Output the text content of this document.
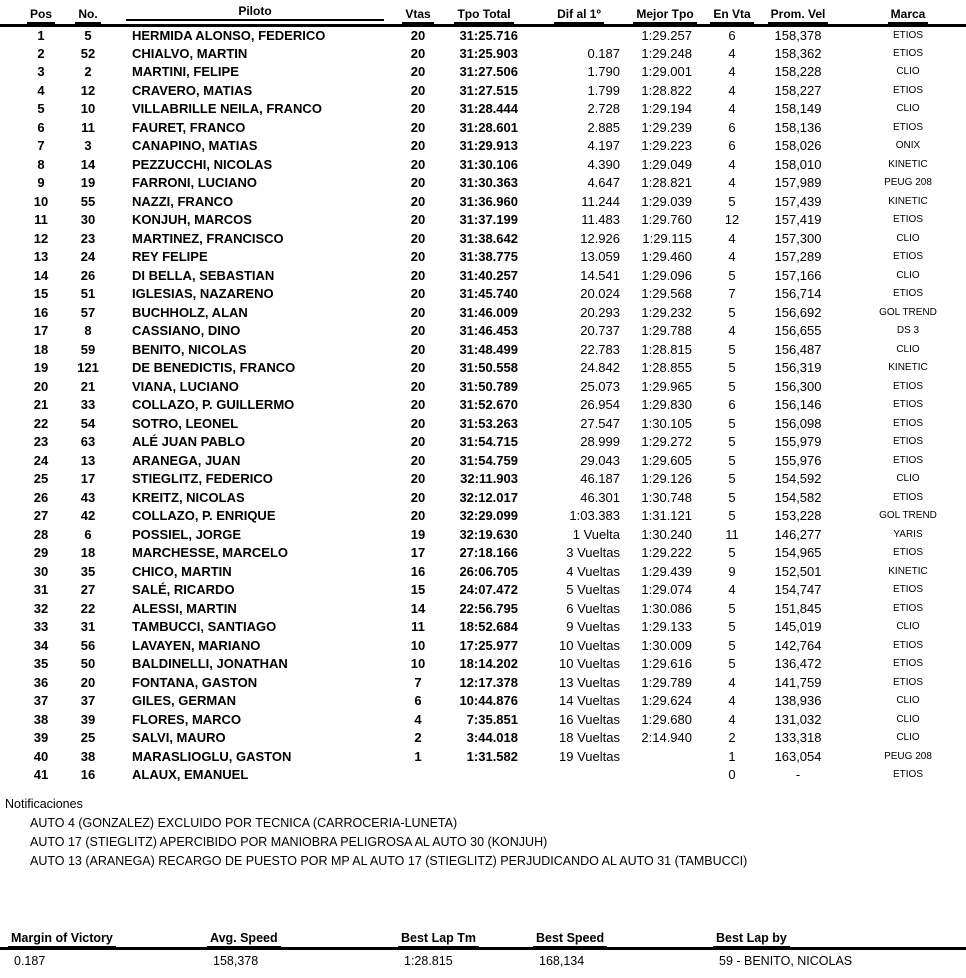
Pos	No.	Piloto	Vtas	Tpo Total	Dif al 1º	Mejor Tpo	En Vta	Prom. Vel	Marca
1	5	HERMIDA ALONSO, FEDERICO	20	31:25.716		1:29.257	6	158,378	ETIOS
2	52	CHIALVO, MARTIN	20	31:25.903	0.187	1:29.248	4	158,362	ETIOS
3	2	MARTINI, FELIPE	20	31:27.506	1.790	1:29.001	4	158,228	CLIO
4	12	CRAVERO, MATIAS	20	31:27.515	1.799	1:28.822	4	158,227	ETIOS
5	10	VILLABRILLE NEILA, FRANCO	20	31:28.444	2.728	1:29.194	4	158,149	CLIO
6	11	FAURET, FRANCO	20	31:28.601	2.885	1:29.239	6	158,136	ETIOS
7	3	CANAPINO, MATIAS	20	31:29.913	4.197	1:29.223	6	158,026	ONIX
8	14	PEZZUCCHI, NICOLAS	20	31:30.106	4.390	1:29.049	4	158,010	KINETIC
9	19	FARRONI, LUCIANO	20	31:30.363	4.647	1:28.821	4	157,989	PEUG 208
10	55	NAZZI, FRANCO	20	31:36.960	11.244	1:29.039	5	157,439	KINETIC
11	30	KONJUH, MARCOS	20	31:37.199	11.483	1:29.760	12	157,419	ETIOS
12	23	MARTINEZ, FRANCISCO	20	31:38.642	12.926	1:29.115	4	157,300	CLIO
13	24	REY FELIPE	20	31:38.775	13.059	1:29.460	4	157,289	ETIOS
14	26	DI BELLA, SEBASTIAN	20	31:40.257	14.541	1:29.096	5	157,166	CLIO
15	51	IGLESIAS, NAZARENO	20	31:45.740	20.024	1:29.568	7	156,714	ETIOS
16	57	BUCHHOLZ, ALAN	20	31:46.009	20.293	1:29.232	5	156,692	GOL TREND
17	8	CASSIANO, DINO	20	31:46.453	20.737	1:29.788	4	156,655	DS 3
18	59	BENITO, NICOLAS	20	31:48.499	22.783	1:28.815	5	156,487	CLIO
19	121	DE BENEDICTIS, FRANCO	20	31:50.558	24.842	1:28.855	5	156,319	KINETIC
20	21	VIANA, LUCIANO	20	31:50.789	25.073	1:29.965	5	156,300	ETIOS
21	33	COLLAZO, P. GUILLERMO	20	31:52.670	26.954	1:29.830	6	156,146	ETIOS
22	54	SOTRO, LEONEL	20	31:53.263	27.547	1:30.105	5	156,098	ETIOS
23	63	ALÉ JUAN PABLO	20	31:54.715	28.999	1:29.272	5	155,979	ETIOS
24	13	ARANEGA, JUAN	20	31:54.759	29.043	1:29.605	5	155,976	ETIOS
25	17	STIEGLITZ, FEDERICO	20	32:11.903	46.187	1:29.126	5	154,592	CLIO
26	43	KREITZ, NICOLAS	20	32:12.017	46.301	1:30.748	5	154,582	ETIOS
27	42	COLLAZO, P. ENRIQUE	20	32:29.099	1:03.383	1:31.121	5	153,228	GOL TREND
28	6	POSSIEL, JORGE	19	32:19.630	1 Vuelta	1:30.240	11	146,277	YARIS
29	18	MARCHESSE, MARCELO	17	27:18.166	3 Vueltas	1:29.222	5	154,965	ETIOS
30	35	CHICO, MARTIN	16	26:06.705	4 Vueltas	1:29.439	9	152,501	KINETIC
31	27	SALÉ, RICARDO	15	24:07.472	5 Vueltas	1:29.074	4	154,747	ETIOS
32	22	ALESSI, MARTIN	14	22:56.795	6 Vueltas	1:30.086	5	151,845	ETIOS
33	31	TAMBUCCI, SANTIAGO	11	18:52.684	9 Vueltas	1:29.133	5	145,019	CLIO
34	56	LAVAYEN, MARIANO	10	17:25.977	10 Vueltas	1:30.009	5	142,764	ETIOS
35	50	BALDINELLI, JONATHAN	10	18:14.202	10 Vueltas	1:29.616	5	136,472	ETIOS
36	20	FONTANA, GASTON	7	12:17.378	13 Vueltas	1:29.789	4	141,759	ETIOS
37	37	GILES, GERMAN	6	10:44.876	14 Vueltas	1:29.624	4	138,936	CLIO
38	39	FLORES, MARCO	4	7:35.851	16 Vueltas	1:29.680	4	131,032	CLIO
39	25	SALVI, MAURO	2	3:44.018	18 Vueltas	2:14.940	2	133,318	CLIO
40	38	MARASLIOGLU, GASTON	1	1:31.582	19 Vueltas		1	163,054	PEUG 208
41	16	ALAUX, EMANUEL					0	-	ETIOS
Notificaciones
AUTO 4 (GONZALEZ) EXCLUIDO POR TECNICA (CARROCERIA-LUNETA)
AUTO 17 (STIEGLITZ) APERCIBIDO POR MANIOBRA PELIGROSA AL AUTO 30 (KONJUH)
AUTO 13 (ARANEGA) RECARGO DE PUESTO POR MP AL AUTO 17 (STIEGLITZ) PERJUDICANDO AL AUTO 31 (TAMBUCCI)
Margin of Victory	Avg. Speed	Best Lap Tm	Best Speed	Best Lap by
0.187	158,378	1:28.815	168,134	59 - BENITO, NICOLAS
